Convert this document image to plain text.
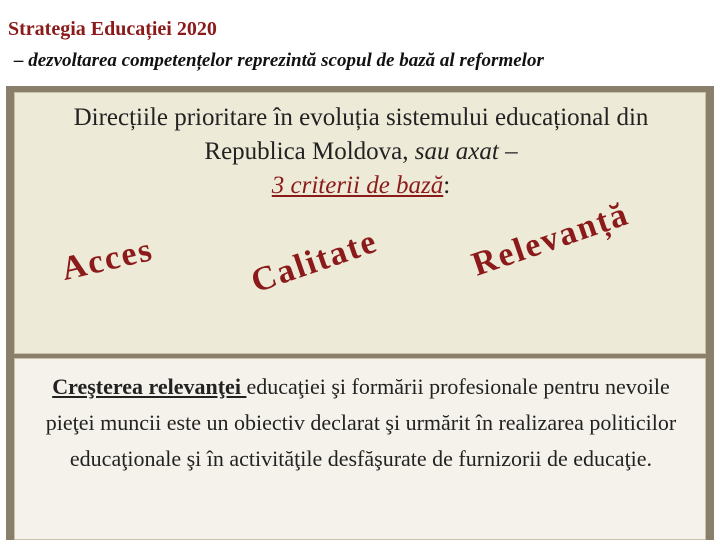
Strategia Educației 2020
– dezvoltarea competențelor reprezintă scopul de bază al reformelor
Direcțiile prioritare în evoluția sistemului educațional din
Republica Moldova, sau axat –
3 criterii de bază:
Acces	Calitate Relevanță
Creşterea relevanţei educaţiei şi formării profesionale pentru nevoile pieţei muncii este un obiectiv declarat şi urmărit în realizarea politicilor educaţionale şi în activităţile desfăşurate de furnizorii de educaţie.
